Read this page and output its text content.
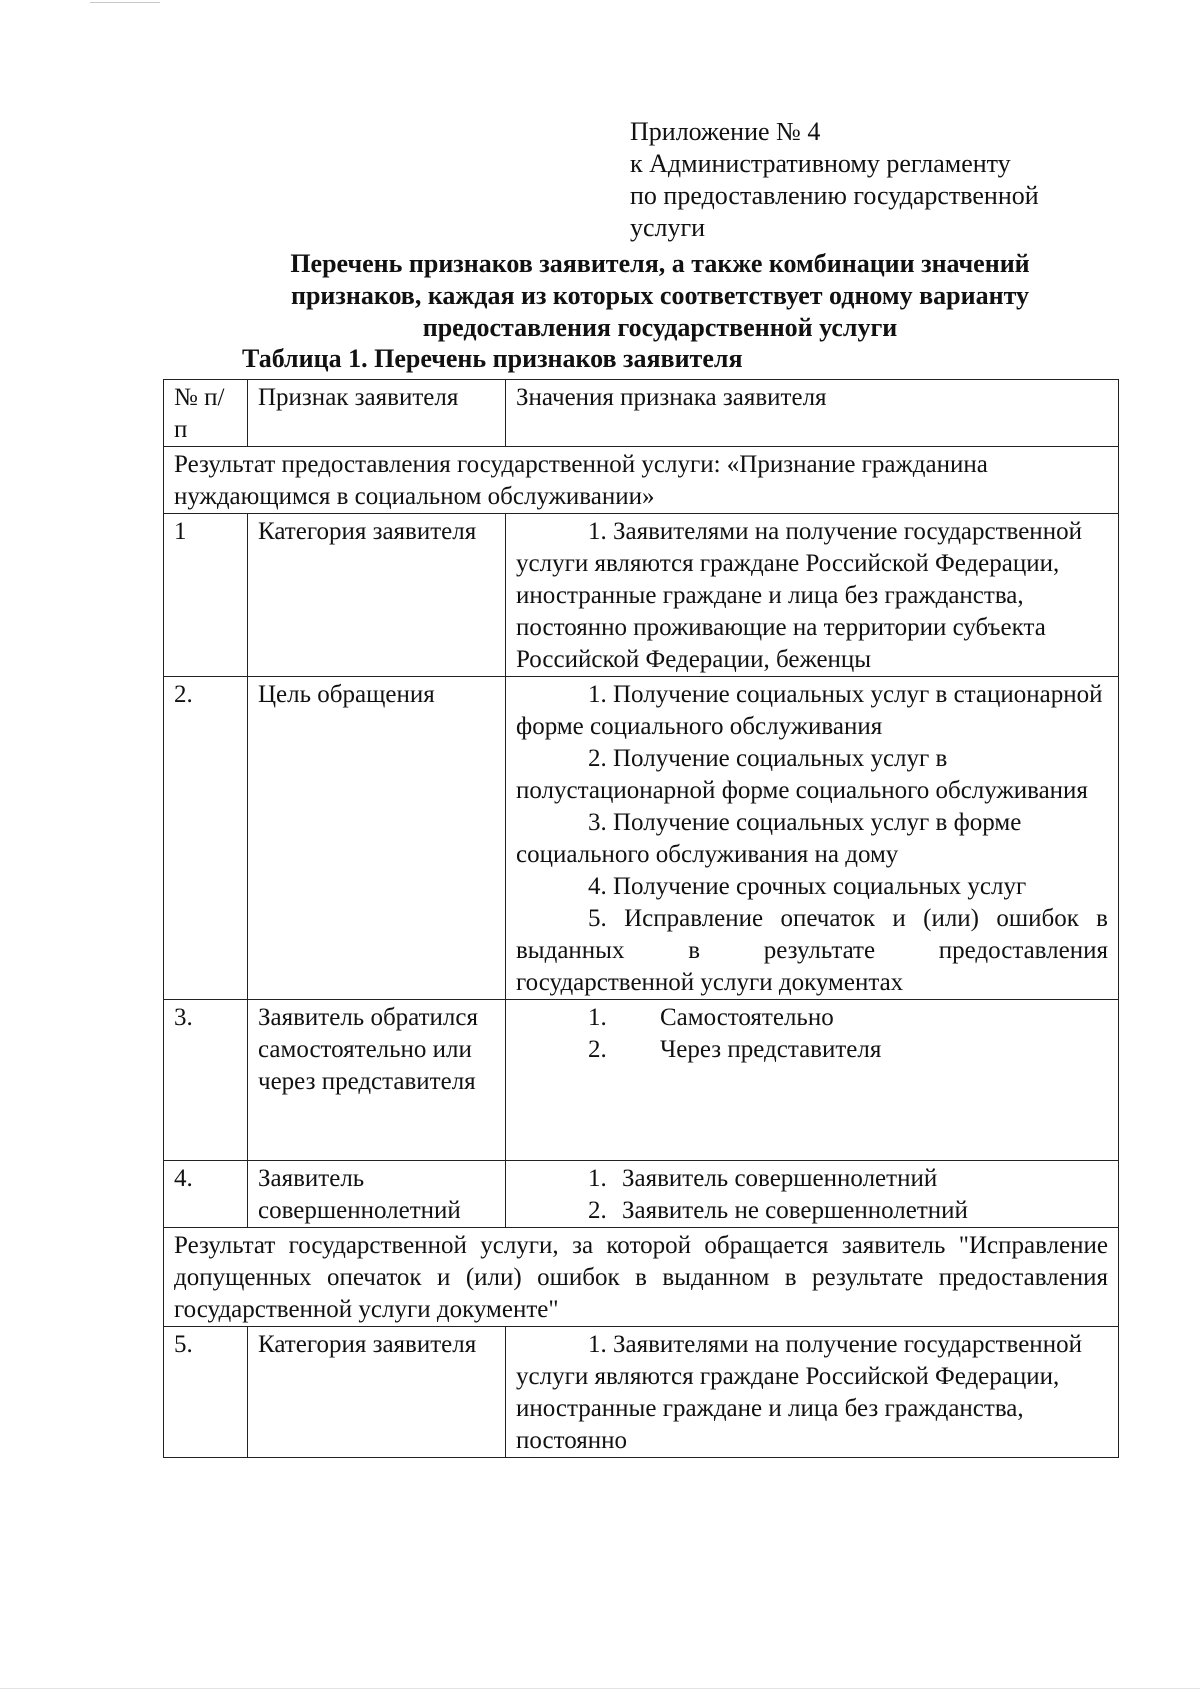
Приложение № 4
к Административному регламенту
по предоставлению государственной
услуги
Перечень признаков заявителя, а также комбинации значений
признаков, каждая из которых соответствует одному варианту
предоставления государственной услуги
Таблица 1. Перечень признаков заявителя
№ п/п	Признак заявителя	Значения признака заявителя
Результат предоставления государственной услуги: «Признание гражданина нуждающимся в социальном обслуживании»		
1	Категория заявителя	1. Заявителями на получение государственной услуги являются граждане Российской Федерации, иностранные граждане и лица без гражданства, постоянно проживающие на территории субъекта Российской Федерации, беженцы

2.	Цель обращения	1. Получение социальных услуг в стационарной форме социального обслуживания
2. Получение социальных услуг в полустационарной форме социального обслуживания
3. Получение социальных услуг в форме социального обслуживания на дому
4. Получение срочных социальных услуг
5. Исправление опечаток и (или) ошибок в выданных в результате предоставления государственной услуги документах

3.	Заявитель обратился самостоятельно или через представителя	1. Самостоятельно
2. Через представителя

4.	Заявитель совершеннолетний	1. Заявитель совершеннолетний
2. Заявитель не совершеннолетний

Результат государственной услуги, за которой обращается заявитель "Исправление допущенных опечаток и (или) ошибок в выданном в результате предоставления государственной услуги документе"		
5.	Категория заявителя	1. Заявителями на получение государственной услуги являются граждане Российской Федерации, иностранные граждане и лица без гражданства, постоянно
